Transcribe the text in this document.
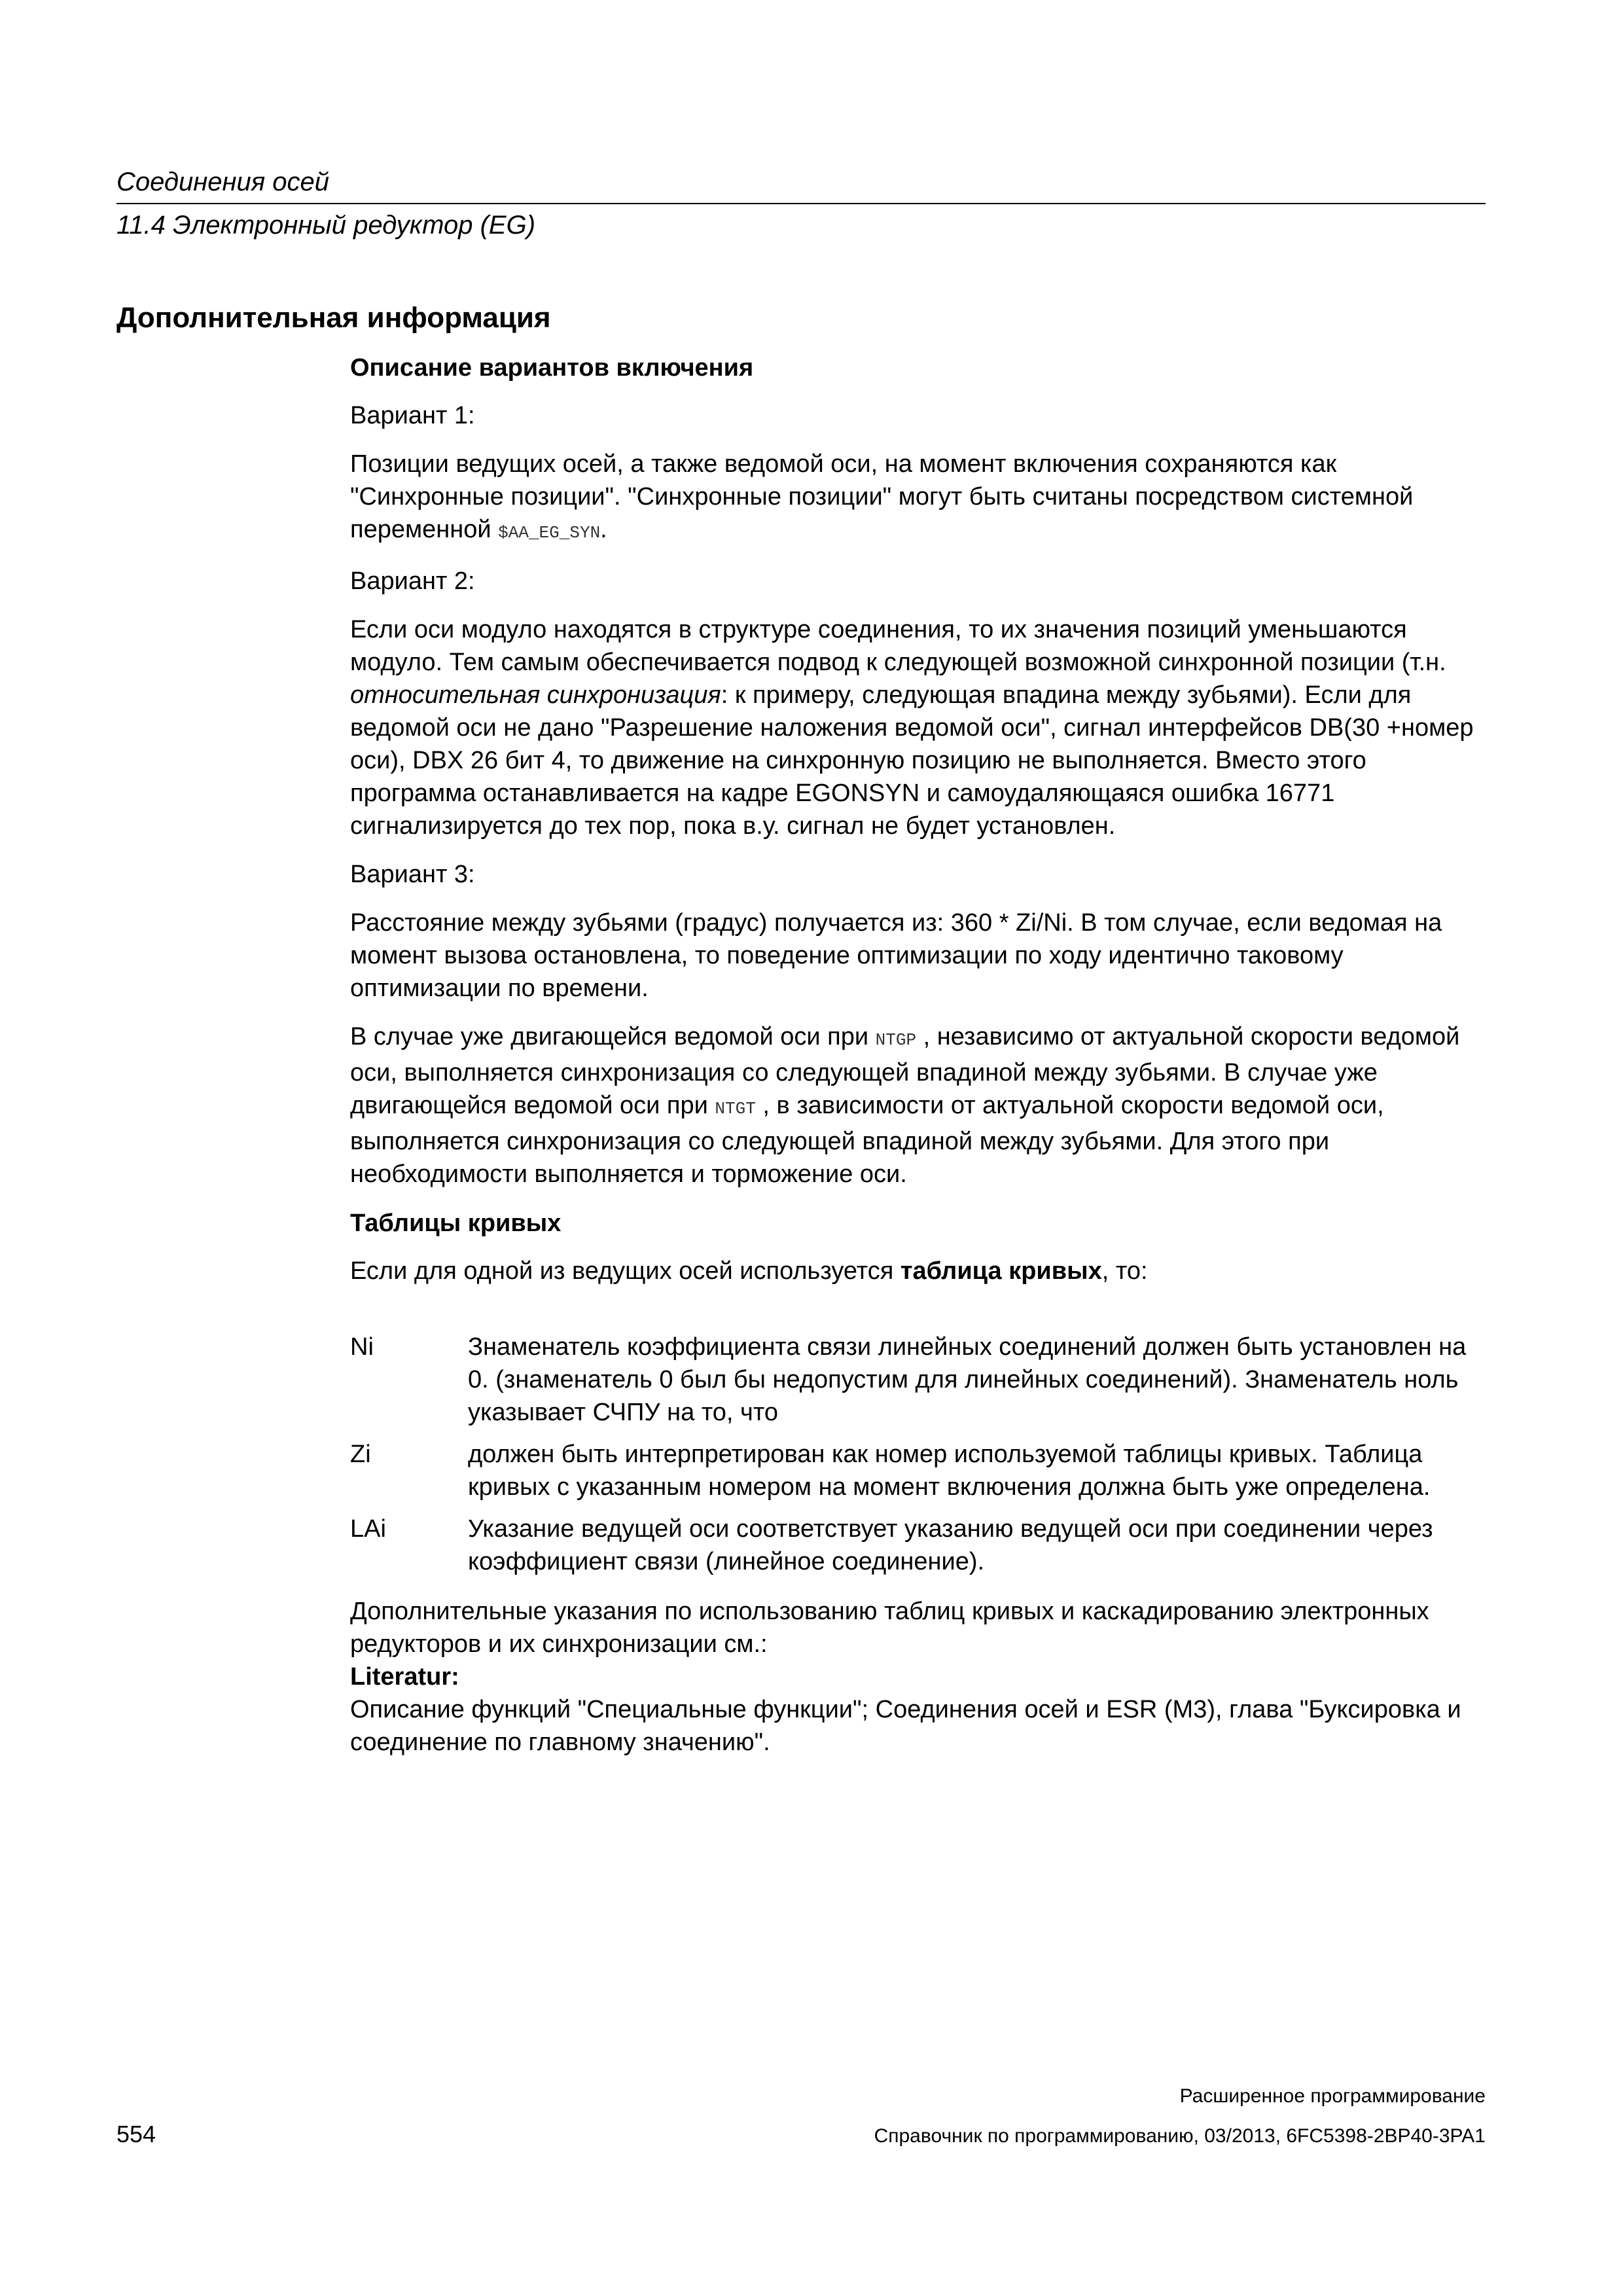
Соединения осей
11.4 Электронный редуктор (EG)
Дополнительная информация
Описание вариантов включения

Вариант 1:

Позиции ведущих осей, а также ведомой оси, на момент включения сохраняются как "Синхронные позиции". "Синхронные позиции" могут быть считаны посредством системной переменной $AA_EG_SYN.

Вариант 2:

Если оси модуло находятся в структуре соединения, то их значения позиций уменьшаются модуло. Тем самым обеспечивается подвод к следующей возможной синхронной позиции (т.н. относительная синхронизация: к примеру, следующая впадина между зубьями). Если для ведомой оси не дано "Разрешение наложения ведомой оси", сигнал интерфейсов DB(30 +номер оси), DBX 26 бит 4, то движение на синхронную позицию не выполняется. Вместо этого программа останавливается на кадре EGONSYN и самоудаляющаяся ошибка 16771 сигнализируется до тех пор, пока в.у. сигнал не будет установлен.

Вариант 3:

Расстояние между зубьями (градус) получается из: 360 * Zi/Ni. В том случае, если ведомая на момент вызова остановлена, то поведение оптимизации по ходу идентично таковому оптимизации по времени.

В случае уже двигающейся ведомой оси при NTGP , независимо от актуальной скорости ведомой оси, выполняется синхронизация со следующей впадиной между зубьями. В случае уже двигающейся ведомой оси при NTGT , в зависимости от актуальной скорости ведомой оси, выполняется синхронизация со следующей впадиной между зубьями. Для этого при необходимости выполняется и торможение оси.

Таблицы кривых

Если для одной из ведущих осей используется таблица кривых, то:

Ni	Знаменатель коэффициента связи линейных соединений должен быть установлен на 0. (знаменатель 0 был бы недопустим для линейных соединений). Знаменатель ноль указывает СЧПУ на то, что
Zi	должен быть интерпретирован как номер используемой таблицы кривых. Таблица кривых с указанным номером на момент включения должна быть уже определена.
LAi	Указание ведущей оси соответствует указанию ведущей оси при соединении через коэффициент связи (линейное соединение).

Дополнительные указания по использованию таблиц кривых и каскадированию электронных редукторов и их синхронизации см.:

Literatur:

Описание функций "Специальные функции"; Соединения осей и ESR (M3), глава "Буксировка и соединение по главному значению".

Расширенное программирование
554	Справочник по программированию, 03/2013, 6FC5398-2BP40-3PA1
